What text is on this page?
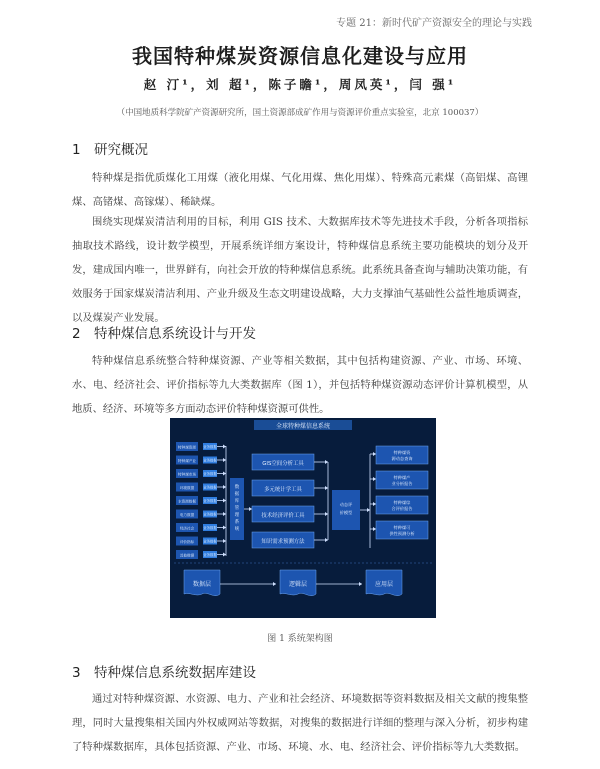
专题 21：新时代矿产资源安全的理论与实践
我国特种煤炭资源信息化建设与应用
赵 汀¹，刘 超¹，陈子瞻¹，周凤英¹，闫 强¹
（中国地质科学院矿产资源研究所，国土资源部成矿作用与资源评价重点实验室，北京 100037）
1 研究概况

特种煤是指优质煤化工用煤（液化用煤、气化用煤、焦化用煤）、特殊高元素煤（高铝煤、高锂煤、高锗煤、高镓煤）、稀缺煤。

围绕实现煤炭清洁利用的目标，利用 GIS 技术、大数据库技术等先进技术手段，分析各项指标抽取技术路线，设计数学模型，开展系统详细方案设计，特种煤信息系统主要功能模块的划分及开发，建成国内唯一，世界鲜有，向社会开放的特种煤信息系统。此系统具备查询与辅助决策功能，有效服务于国家煤炭清洁利用、产业升级及生态文明建设战略，大力支撑油气基础性公益性地质调查，以及煤炭产业发展。

2 特种煤信息系统设计与开发

特种煤信息系统整合特种煤资源、产业等相关数据，其中包括构建资源、产业、市场、环境、水、电、经济社会、评价指标等九大类数据库（图 1），并包括特种煤资源动态评价计算机模型，从地质、经济、环境等多方面动态评价特种煤资源可供性。

全球特种煤信息系统
特种煤资源 业务数据
特种煤产业 业务数据
特种煤市场 业务数据
环境数据	业务数据
水资源数据 业务数据
电力数据	业务数据
经济社会	业务数据
评价指标	业务数据
其他数据	业务数据
数
据
库
管
理
系
统
GIS空间分析工具
多元统计学工具
技术经济评价工具
知识需求预测方法
动态评
价模型
特种煤资
源动态查询
特种煤产
业分析报告
特种煤综
合评价报告
特种煤可
供性预测分析
数据层	逻辑层	应用层
图 1 系统架构图
3 特种煤信息系统数据库建设

通过对特种煤资源、水资源、电力、产业和社会经济、环境数据等资料数据及相关文献的搜集整理，同时大量搜集相关国内外权威网站等数据，对搜集的数据进行详细的整理与深入分析，初步构建了特种煤数据库，具体包括资源、产业、市场、环境、水、电、经济社会、评价指标等九大类数据。
